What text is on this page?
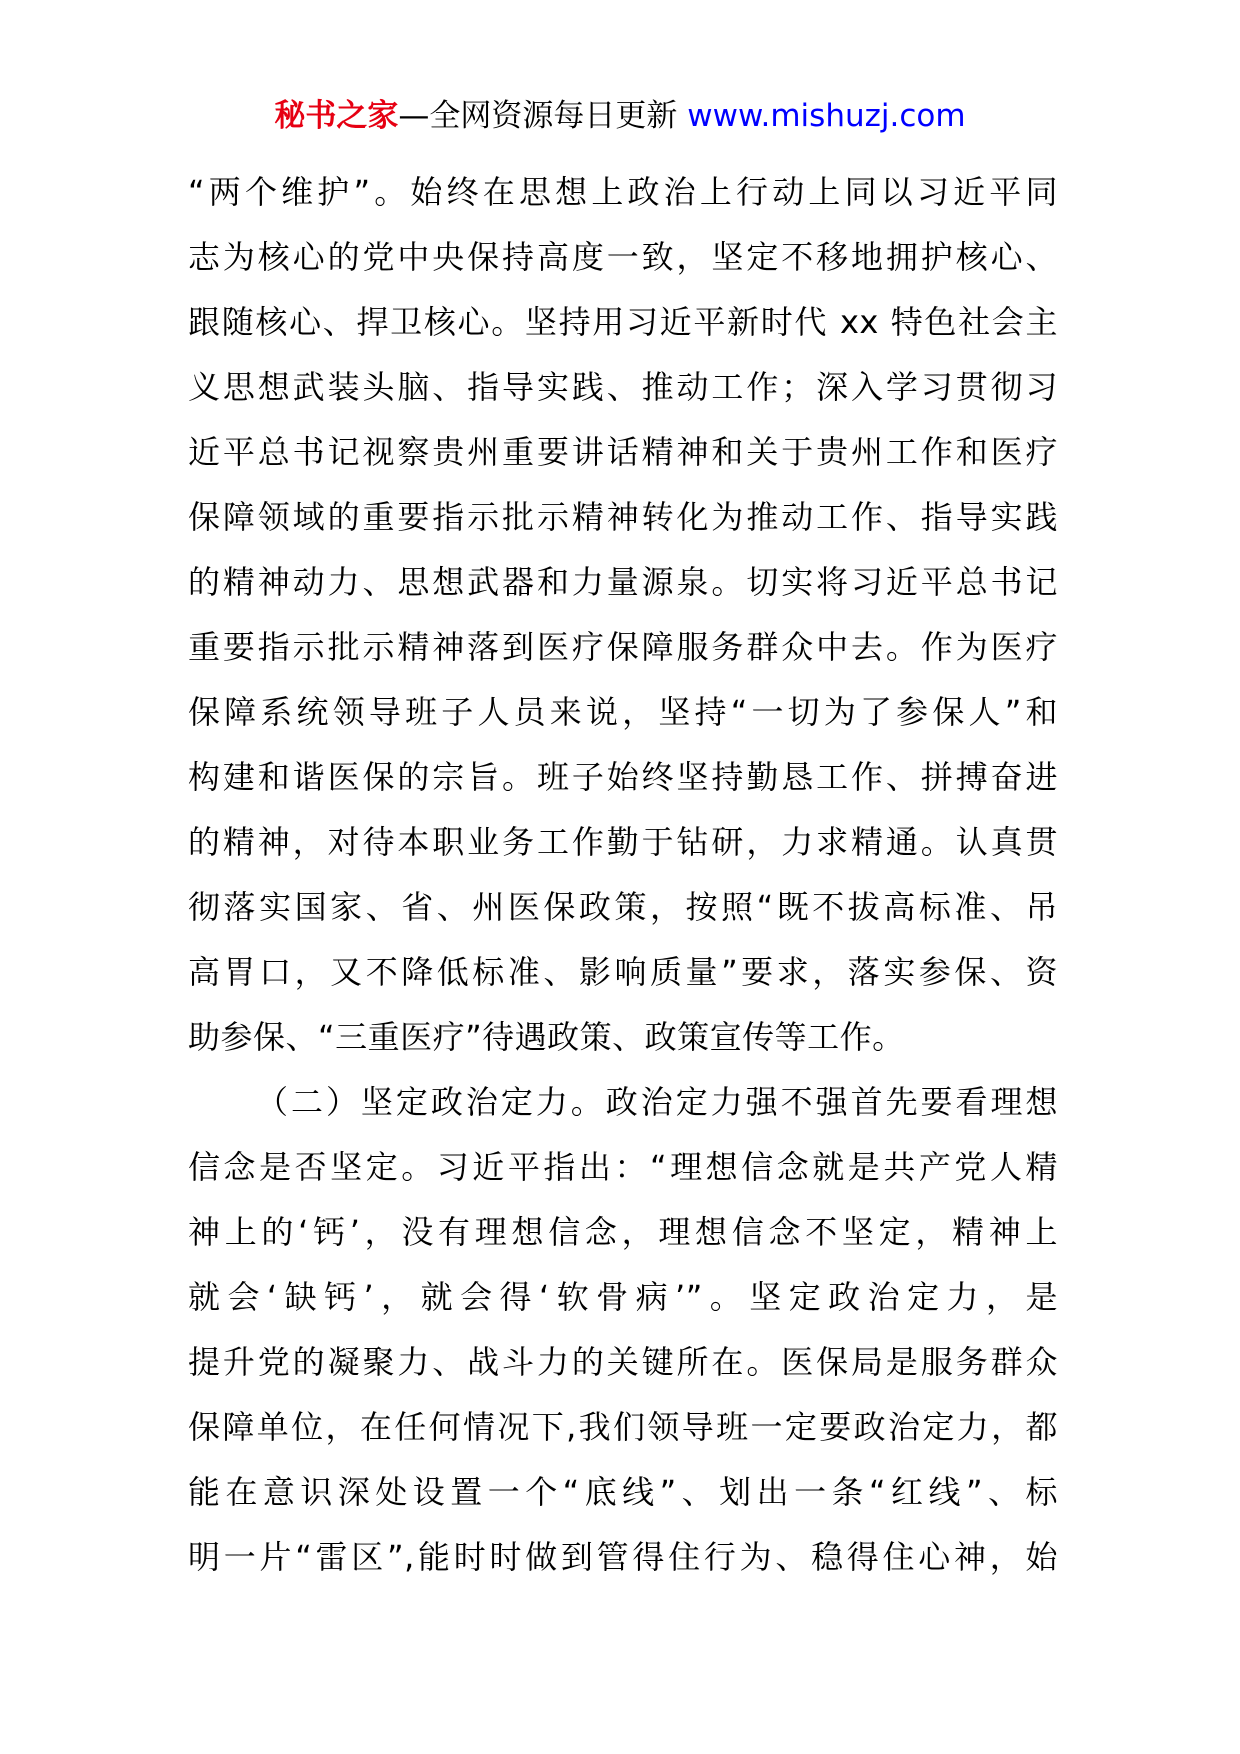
秘书之家—全网资源每日更新 www.mishuzj.com
“两个维护”。始终在思想上政治上行动上同以习近平同
志为核心的党中央保持高度一致，坚定不移地拥护核心、
跟随核心、捍卫核心。坚持用习近平新时代 xx 特色社会主
义思想武装头脑、指导实践、推动工作；深入学习贯彻习
近平总书记视察贵州重要讲话精神和关于贵州工作和医疗
保障领域的重要指示批示精神转化为推动工作、指导实践
的精神动力、思想武器和力量源泉。切实将习近平总书记
重要指示批示精神落到医疗保障服务群众中去。作为医疗
保障系统领导班子人员来说，坚持“一切为了参保人”和
构建和谐医保的宗旨。班子始终坚持勤恳工作、拼搏奋进
的精神，对待本职业务工作勤于钻研，力求精通。认真贯
彻落实国家、省、州医保政策，按照“既不拔高标准、吊
高胃口，又不降低标准、影响质量”要求，落实参保、资
助参保、“三重医疗”待遇政策、政策宣传等工作。
（二）坚定政治定力。政治定力强不强首先要看理想
信念是否坚定。习近平指出：“理想信念就是共产党人精
神上的‘钙’，没有理想信念，理想信念不坚定，精神上
就会‘缺钙’，就会得‘软骨病’”。坚定政治定力，是
提升党的凝聚力、战斗力的关键所在。医保局是服务群众
保障单位，在任何情况下,我们领导班一定要政治定力，都
能在意识深处设置一个“底线”、划出一条“红线”、标
明一片“雷区”,能时时做到管得住行为、稳得住心神，始
